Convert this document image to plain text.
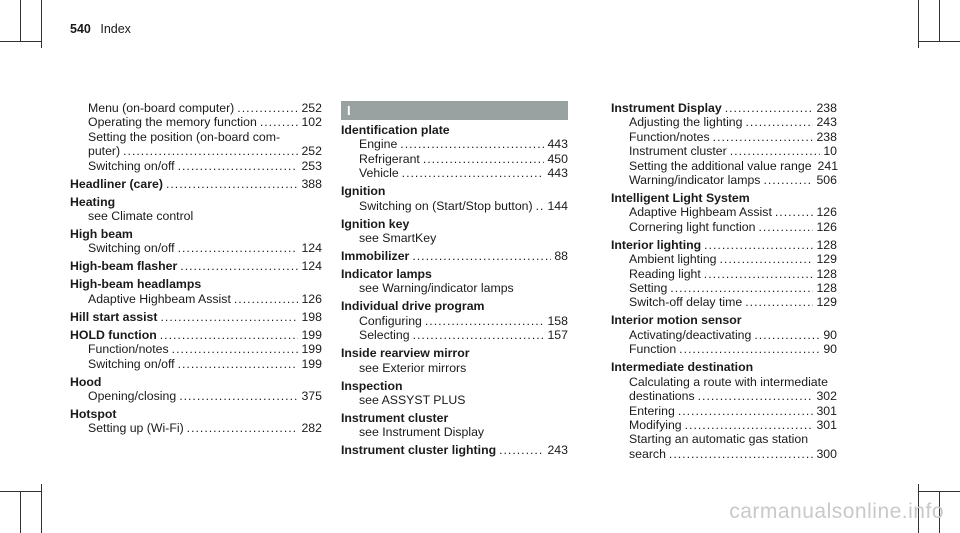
540 Index
Menu (on-board computer) .....	252
Operating the memory function .....	102
Setting the position (on-board com-
puter) .....	252
Switching on/off .....	253
Headliner (care) .....	388
Heating
see Climate control
High beam
Switching on/off .....	124
High-beam flasher .....	124
High-beam headlamps
Adaptive Highbeam Assist .....	126
Hill start assist .....	198
HOLD function .....	199
Function/notes .....	199
Switching on/off .....	199
Hood
Opening/closing .....	375
Hotspot
Setting up (Wi-Fi) .....	282
I
Identification plate
Engine .....	443
Refrigerant .....	450
Vehicle .....	443
Ignition
Switching on (Start/Stop button) ..... 144
Ignition key
see SmartKey
Immobilizer .....	88
Indicator lamps
see Warning/indicator lamps
Individual drive program
Configuring .....	158
Selecting .....	157
Inside rearview mirror
see Exterior mirrors
Inspection
see ASSYST PLUS
Instrument cluster
see Instrument Display
Instrument cluster lighting .....	243
Instrument Display .....	238
Adjusting the lighting .....	243
Function/notes .....	238
Instrument cluster .....	10
Setting the additional value range 241
Warning/indicator lamps .....	506
Intelligent Light System
Adaptive Highbeam Assist .....	126
Cornering light function .....	126
Interior lighting .....	128
Ambient lighting .....	129
Reading light .....	128
Setting .....	128
Switch-off delay time .....	129
Interior motion sensor
Activating/deactivating .....	90
Function .....	90
Intermediate destination
Calculating a route with intermediate
destinations .....	302
Entering .....	301
Modifying .....	301
Starting an automatic gas station
search .....	300
carmanualsonline.info
